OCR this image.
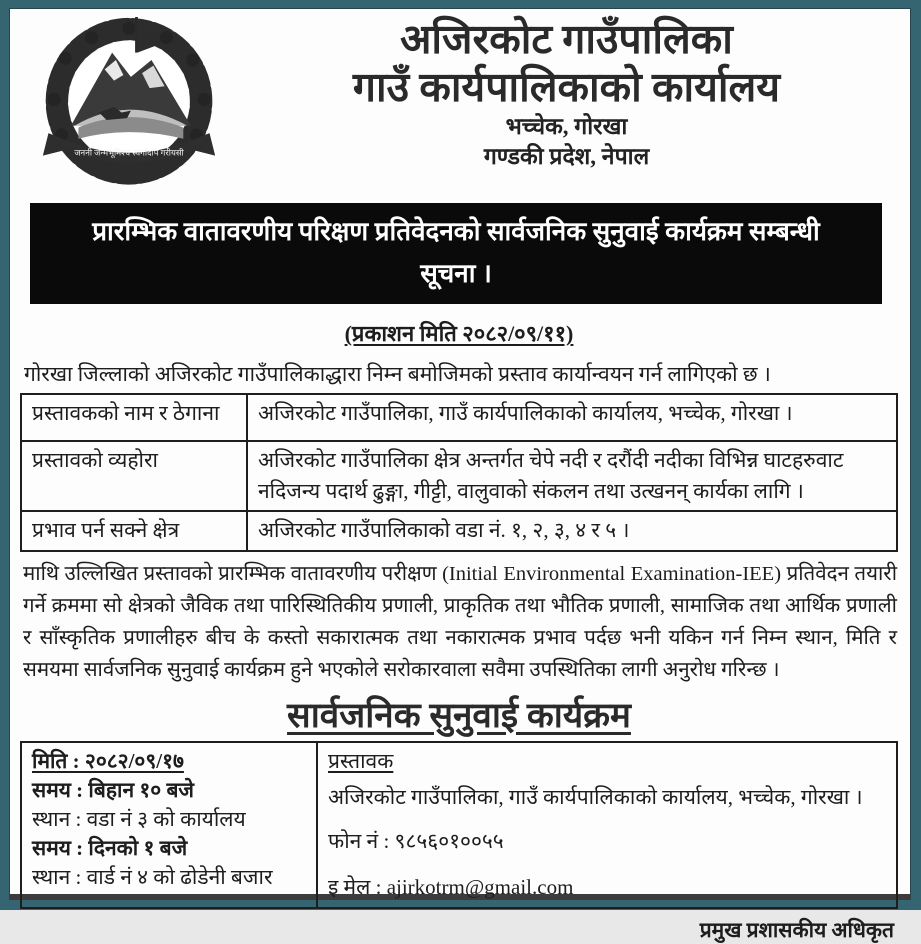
जननी जन्मभूमिश्च स्वर्गादपि गरीयसी
अजिरकोट गाउँपालिका
गाउँ कार्यपालिकाको कार्यालय
भच्चेक, गोरखा
गण्डकी प्रदेश, नेपाल
प्रारम्भिक वातावरणीय परिक्षण प्रतिवेदनको सार्वजनिक सुनुवाई कार्यक्रम सम्बन्धी सूचना ।
(प्रकाशन मिति २०८२/०९/११)
गोरखा जिल्लाको अजिरकोट गाउँपालिकाद्धारा निम्न बमोजिमको प्रस्ताव कार्यान्वयन गर्न लागिएको छ ।
प्रस्तावकको नाम र ठेगाना	अजिरकोट गाउँपालिका, गाउँ कार्यपालिकाको कार्यालय, भच्चेक, गोरखा ।
प्रस्तावको व्यहोरा	अजिरकोट गाउँपालिका क्षेत्र अन्तर्गत चेपे नदी र दरौंदी नदीका विभिन्न घाटहरुवाट नदिजन्य पदार्थ ढुङ्गा, गीट्टी, वालुवाको संकलन तथा उत्खनन् कार्यका लागि ।
प्रभाव पर्न सक्ने क्षेत्र	अजिरकोट गाउँपालिकाको वडा नं. १, २, ३, ४ र ५ ।
माथि उल्लिखित प्रस्तावको प्रारम्भिक वातावरणीय परीक्षण (Initial Environmental Examination-IEE) प्रतिवेदन तयारी गर्ने क्रममा सो क्षेत्रको जैविक तथा पारिस्थितिकीय प्रणाली, प्राकृतिक तथा भौतिक प्रणाली, सामाजिक तथा आर्थिक प्रणाली र साँस्कृतिक प्रणालीहरु बीच के कस्तो सकारात्मक तथा नकारात्मक प्रभाव पर्दछ भनी यकिन गर्न निम्न स्थान, मिति र समयमा सार्वजनिक सुनुवाई कार्यक्रम हुने भएकोले सरोकारवाला सवैमा उपस्थितिका लागी अनुरोध गरिन्छ ।
सार्वजनिक सुनुवाई कार्यक्रम
मिति : २०८२/०९/१७
समय : बिहान १० बजे
स्थान : वडा नं ३ को कार्यालय
समय : दिनको १ बजे
स्थान : वार्ड नं ४ को ढोडेनी बजार

प्रस्तावक
अजिरकोट गाउँपालिका, गाउँ कार्यपालिकाको कार्यालय, भच्चेक, गोरखा ।
फोन नं : ९८५६०१००५५
इ मेल : ajirkotrm@gmail.com
प्रमुख प्रशासकीय अधिकृत
